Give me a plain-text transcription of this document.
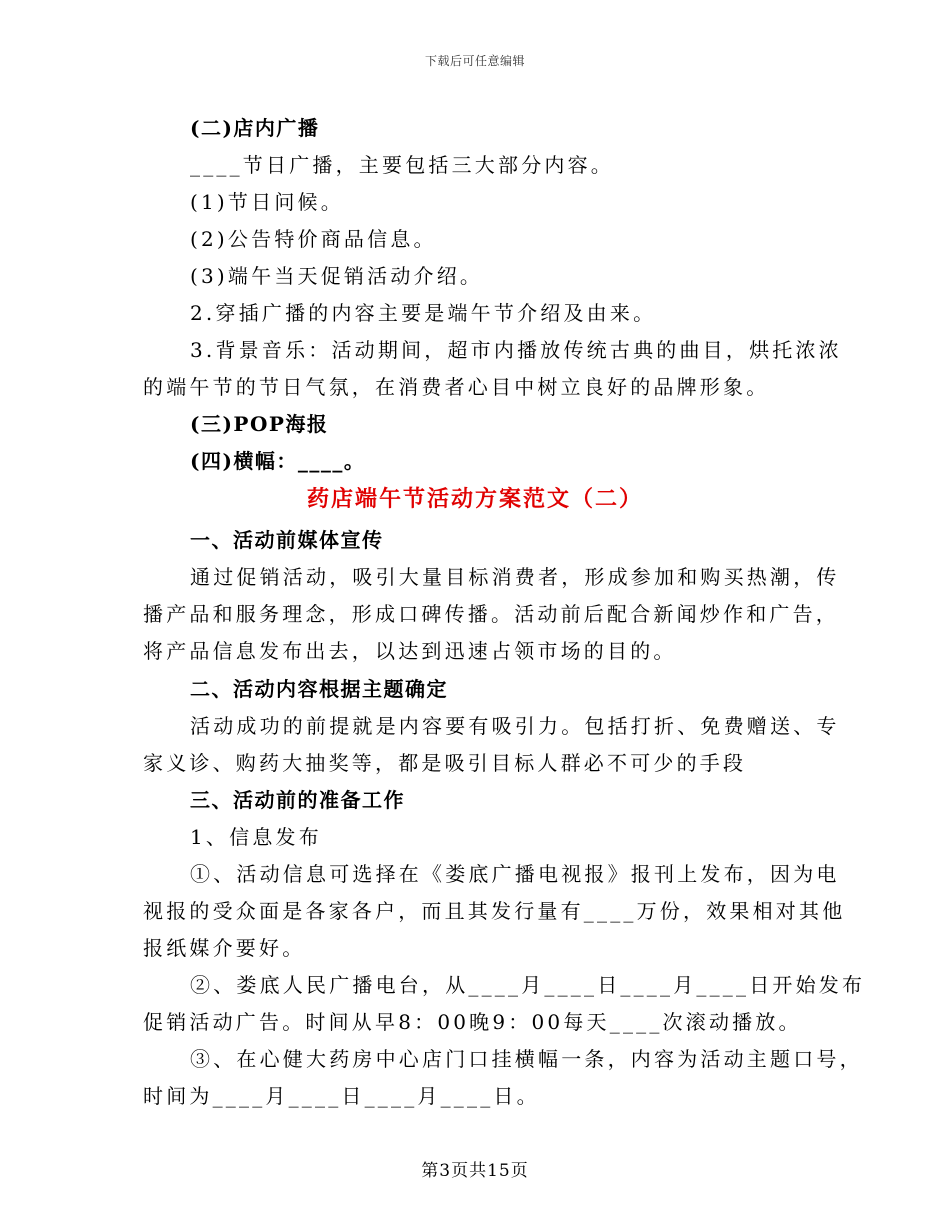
下载后可任意编辑
(二)店内广播
____节日广播，主要包括三大部分内容。
(1)节日问候。
(2)公告特价商品信息。
(3)端午当天促销活动介绍。
2.穿插广播的内容主要是端午节介绍及由来。
3.背景音乐：活动期间，超市内播放传统古典的曲目，烘托浓浓
的端午节的节日气氛，在消费者心目中树立良好的品牌形象。
(三)POP海报
(四)横幅：____。
药店端午节活动方案范文（二）
一、活动前媒体宣传
通过促销活动，吸引大量目标消费者，形成参加和购买热潮，传
播产品和服务理念，形成口碑传播。活动前后配合新闻炒作和广告，
将产品信息发布出去，以达到迅速占领市场的目的。
二、活动内容根据主题确定
活动成功的前提就是内容要有吸引力。包括打折、免费赠送、专
家义诊、购药大抽奖等，都是吸引目标人群必不可少的手段
三、活动前的准备工作
1、信息发布
①、活动信息可选择在《娄底广播电视报》报刊上发布，因为电
视报的受众面是各家各户，而且其发行量有____万份，效果相对其他
报纸媒介要好。
②、娄底人民广播电台，从____月____日____月____日开始发布
促销活动广告。时间从早8：00晚9：00每天____次滚动播放。
③、在心健大药房中心店门口挂横幅一条，内容为活动主题口号，
时间为____月____日____月____日。
第3页共15页
